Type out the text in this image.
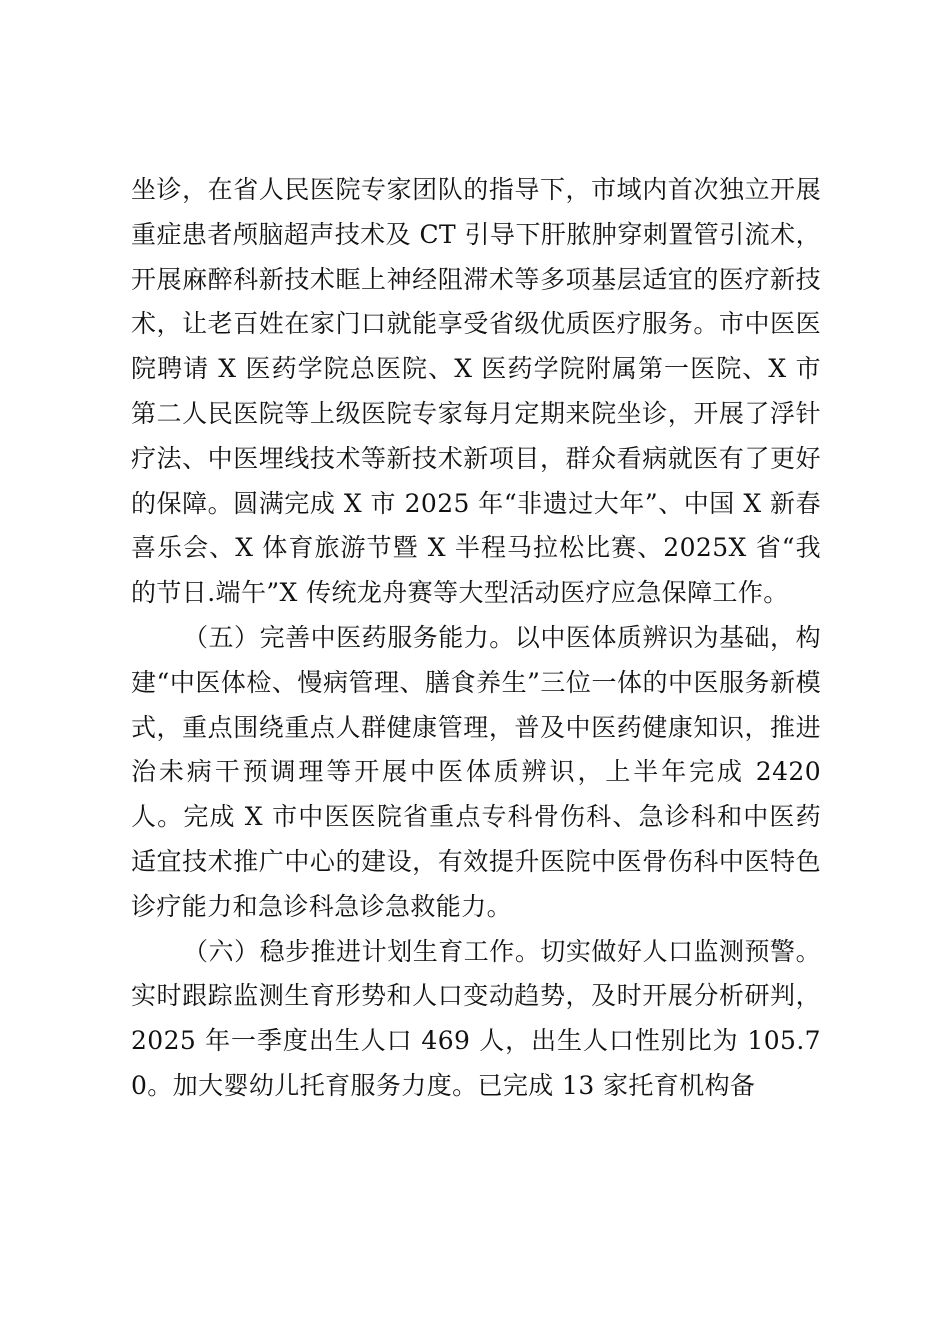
坐诊，在省人民医院专家团队的指导下，市域内首次独立开展重症患者颅脑超声技术及 CT 引导下肝脓肿穿刺置管引流术，开展麻醉科新技术眶上神经阻滞术等多项基层适宜的医疗新技术，让老百姓在家门口就能享受省级优质医疗服务。市中医医院聘请 X 医药学院总医院、X 医药学院附属第一医院、X 市第二人民医院等上级医院专家每月定期来院坐诊，开展了浮针疗法、中医埋线技术等新技术新项目，群众看病就医有了更好的保障。圆满完成 X 市 2025 年“非遗过大年”、中国 X 新春喜乐会、X 体育旅游节暨 X 半程马拉松比赛、2025X 省“我的节日.端午”X 传统龙舟赛等大型活动医疗应急保障工作。

（五）完善中医药服务能力。以中医体质辨识为基础，构建“中医体检、慢病管理、膳食养生”三位一体的中医服务新模式，重点围绕重点人群健康管理，普及中医药健康知识，推进治未病干预调理等开展中医体质辨识，上半年完成 2420 人。完成 X 市中医医院省重点专科骨伤科、急诊科和中医药适宜技术推广中心的建设，有效提升医院中医骨伤科中医特色诊疗能力和急诊科急诊急救能力。

（六）稳步推进计划生育工作。切实做好人口监测预警。实时跟踪监测生育形势和人口变动趋势，及时开展分析研判，2025 年一季度出生人口 469 人，出生人口性别比为 105.70。加大婴幼儿托育服务力度。已完成 13 家托育机构备
